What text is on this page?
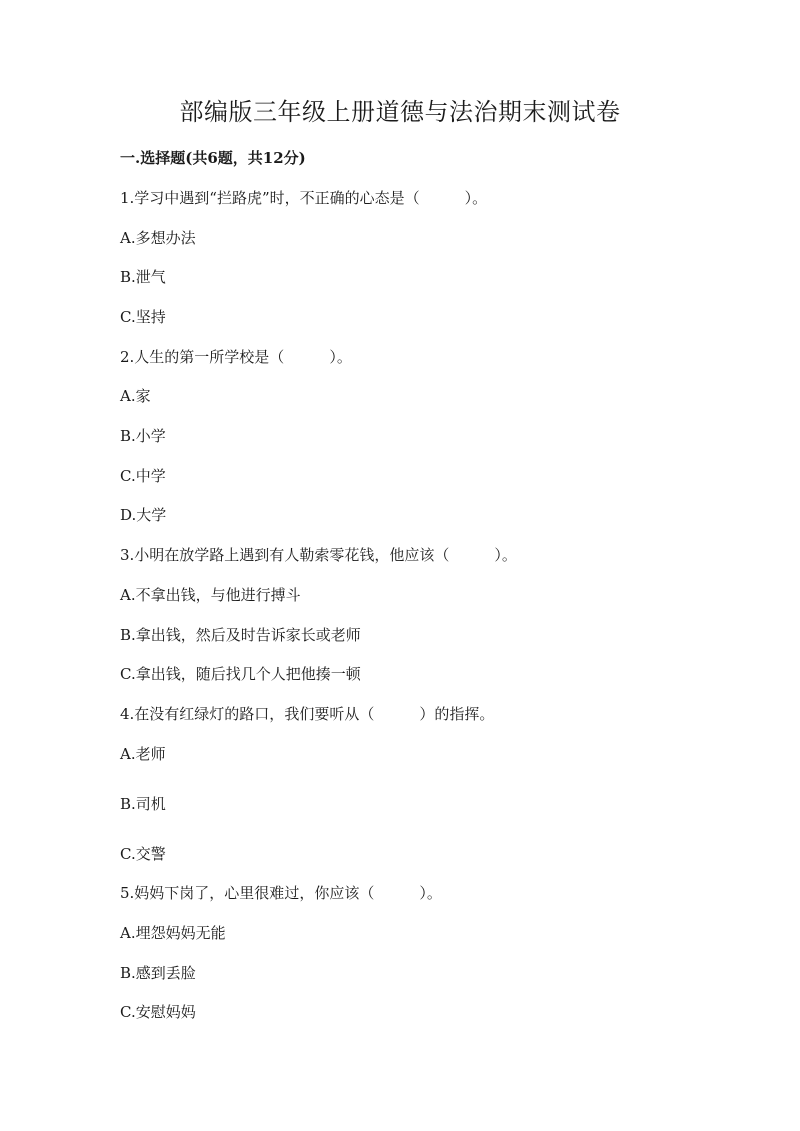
部编版三年级上册道德与法治期末测试卷
一.选择题(共6题，共12分)
1.学习中遇到“拦路虎”时，不正确的心态是（　　　）。
A.多想办法
B.泄气
C.坚持
2.人生的第一所学校是（　　　）。
A.家
B.小学
C.中学
D.大学
3.小明在放学路上遇到有人勒索零花钱，他应该（　　　）。
A.不拿出钱，与他进行搏斗
B.拿出钱，然后及时告诉家长或老师
C.拿出钱，随后找几个人把他揍一顿
4.在没有红绿灯的路口，我们要听从（　　　）的指挥。
A.老师
B.司机
C.交警
5.妈妈下岗了，心里很难过，你应该（　　　）。
A.埋怨妈妈无能
B.感到丢脸
C.安慰妈妈
